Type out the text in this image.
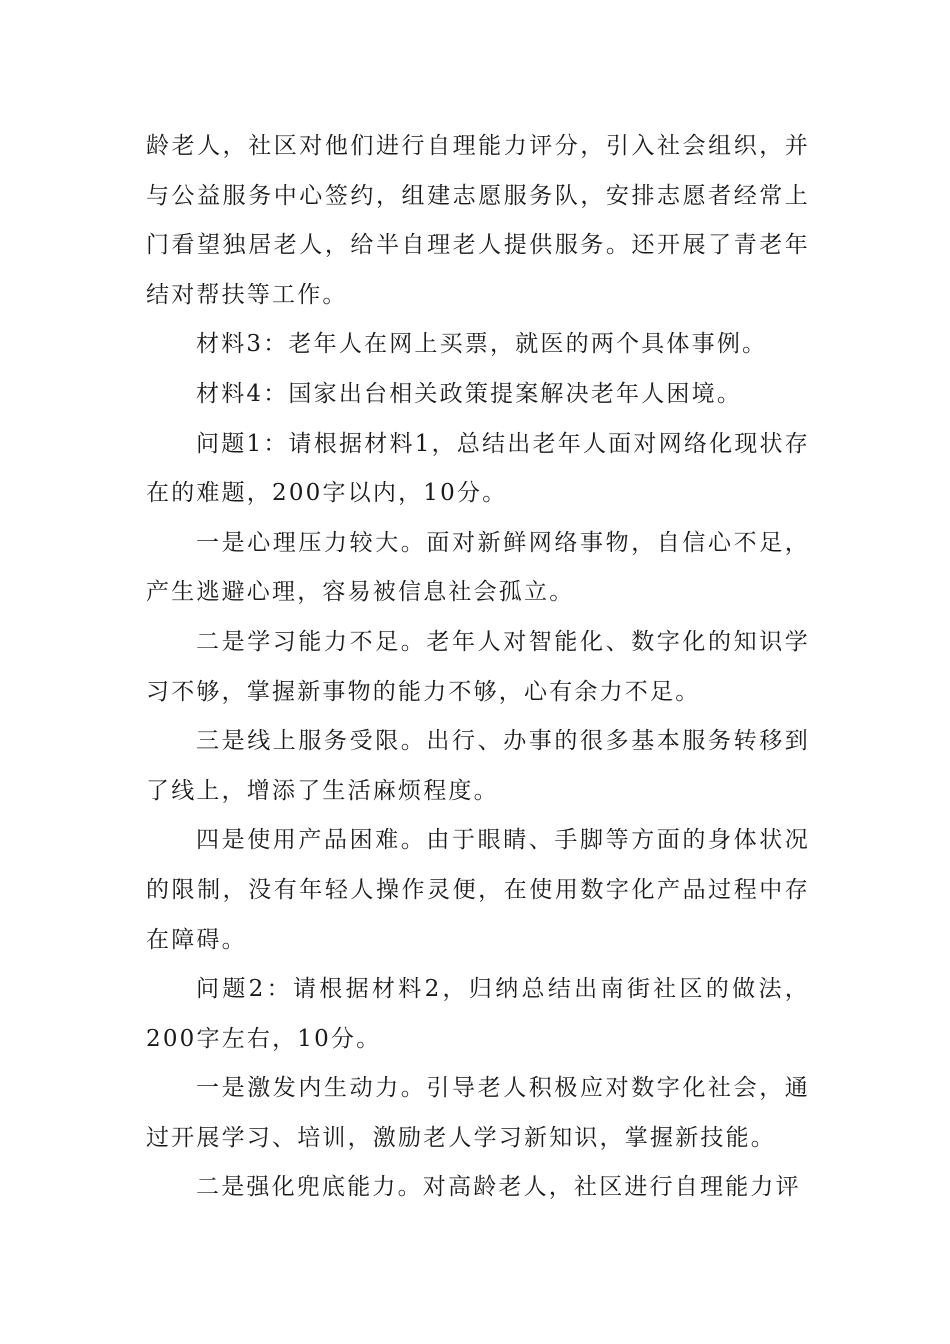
龄老人，社区对他们进行自理能力评分，引入社会组织，并与公益服务中心签约，组建志愿服务队，安排志愿者经常上门看望独居老人，给半自理老人提供服务。还开展了青老年结对帮扶等工作。

材料3：老年人在网上买票，就医的两个具体事例。

材料4：国家出台相关政策提案解决老年人困境。

问题1：请根据材料1，总结出老年人面对网络化现状存在的难题，200字以内，10分。

一是心理压力较大。面对新鲜网络事物，自信心不足，产生逃避心理，容易被信息社会孤立。

二是学习能力不足。老年人对智能化、数字化的知识学习不够，掌握新事物的能力不够，心有余力不足。

三是线上服务受限。出行、办事的很多基本服务转移到了线上，增添了生活麻烦程度。

四是使用产品困难。由于眼睛、手脚等方面的身体状况的限制，没有年轻人操作灵便，在使用数字化产品过程中存在障碍。

问题2：请根据材料2，归纳总结出南街社区的做法，200字左右，10分。

一是激发内生动力。引导老人积极应对数字化社会，通过开展学习、培训，激励老人学习新知识，掌握新技能。

二是强化兜底能力。对高龄老人，社区进行自理能力评
